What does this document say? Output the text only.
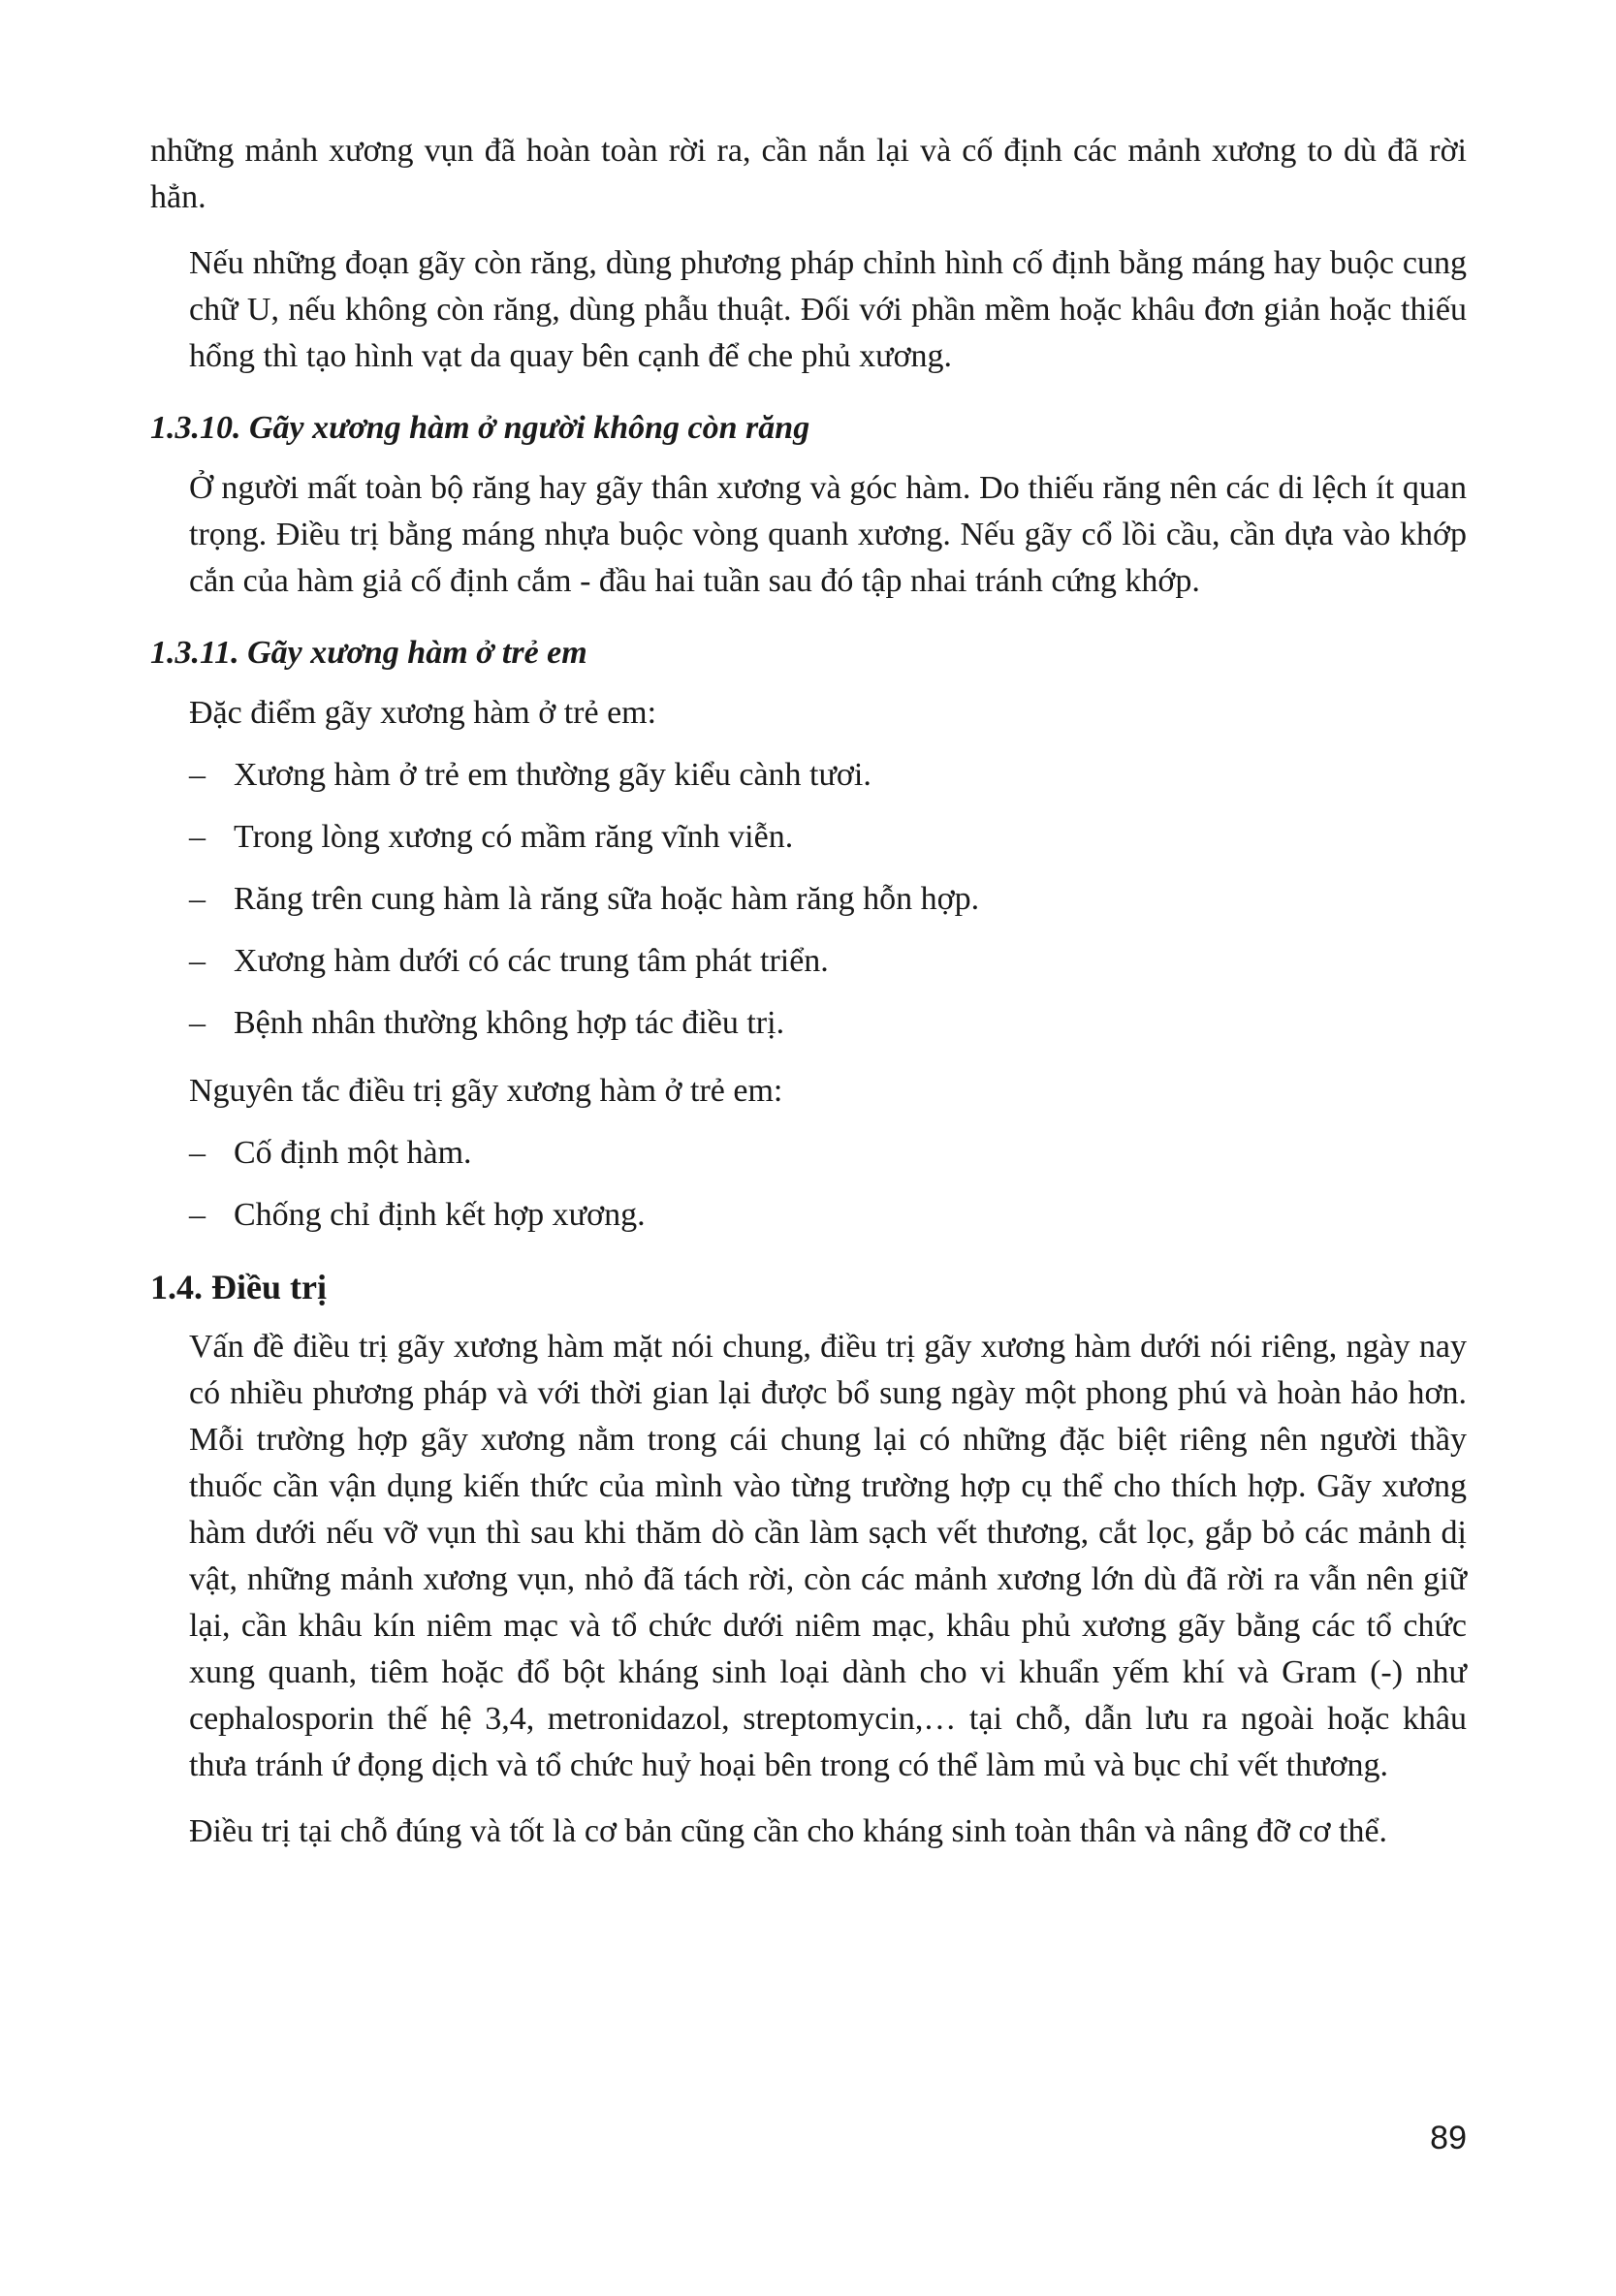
những mảnh xương vụn đã hoàn toàn rời ra, cần nắn lại và cố định các mảnh xương to dù đã rời hẳn.

Nếu những đoạn gãy còn răng, dùng phương pháp chỉnh hình cố định bằng máng hay buộc cung chữ U, nếu không còn răng, dùng phẫu thuật. Đối với phần mềm hoặc khâu đơn giản hoặc thiếu hổng thì tạo hình vạt da quay bên cạnh để che phủ xương.

1.3.10. Gãy xương hàm ở người không còn răng

Ở người mất toàn bộ răng hay gãy thân xương và góc hàm. Do thiếu răng nên các di lệch ít quan trọng. Điều trị bằng máng nhựa buộc vòng quanh xương. Nếu gãy cổ lồi cầu, cần dựa vào khớp cắn của hàm giả cố định cắm - đầu hai tuần sau đó tập nhai tránh cứng khớp.

1.3.11. Gãy xương hàm ở trẻ em

Đặc điểm gãy xương hàm ở trẻ em:

– Xương hàm ở trẻ em thường gãy kiểu cành tươi.
– Trong lòng xương có mầm răng vĩnh viễn.
– Răng trên cung hàm là răng sữa hoặc hàm răng hỗn hợp.
– Xương hàm dưới có các trung tâm phát triển.
– Bệnh nhân thường không hợp tác điều trị.

Nguyên tắc điều trị gãy xương hàm ở trẻ em:

– Cố định một hàm.
– Chống chỉ định kết hợp xương.
1.4. Điều trị

Vấn đề điều trị gãy xương hàm mặt nói chung, điều trị gãy xương hàm dưới nói riêng, ngày nay có nhiều phương pháp và với thời gian lại được bổ sung ngày một phong phú và hoàn hảo hơn. Mỗi trường hợp gãy xương nằm trong cái chung lại có những đặc biệt riêng nên người thầy thuốc cần vận dụng kiến thức của mình vào từng trường hợp cụ thể cho thích hợp. Gãy xương hàm dưới nếu vỡ vụn thì sau khi thăm dò cần làm sạch vết thương, cắt lọc, gắp bỏ các mảnh dị vật, những mảnh xương vụn, nhỏ đã tách rời, còn các mảnh xương lớn dù đã rời ra vẫn nên giữ lại, cần khâu kín niêm mạc và tổ chức dưới niêm mạc, khâu phủ xương gãy bằng các tổ chức xung quanh, tiêm hoặc đổ bột kháng sinh loại dành cho vi khuẩn yếm khí và Gram (-) như cephalosporin thế hệ 3,4, metronidazol, streptomycin,… tại chỗ, dẫn lưu ra ngoài hoặc khâu thưa tránh ứ đọng dịch và tổ chức huỷ hoại bên trong có thể làm mủ và bục chỉ vết thương.

Điều trị tại chỗ đúng và tốt là cơ bản cũng cần cho kháng sinh toàn thân và nâng đỡ cơ thể.

89
